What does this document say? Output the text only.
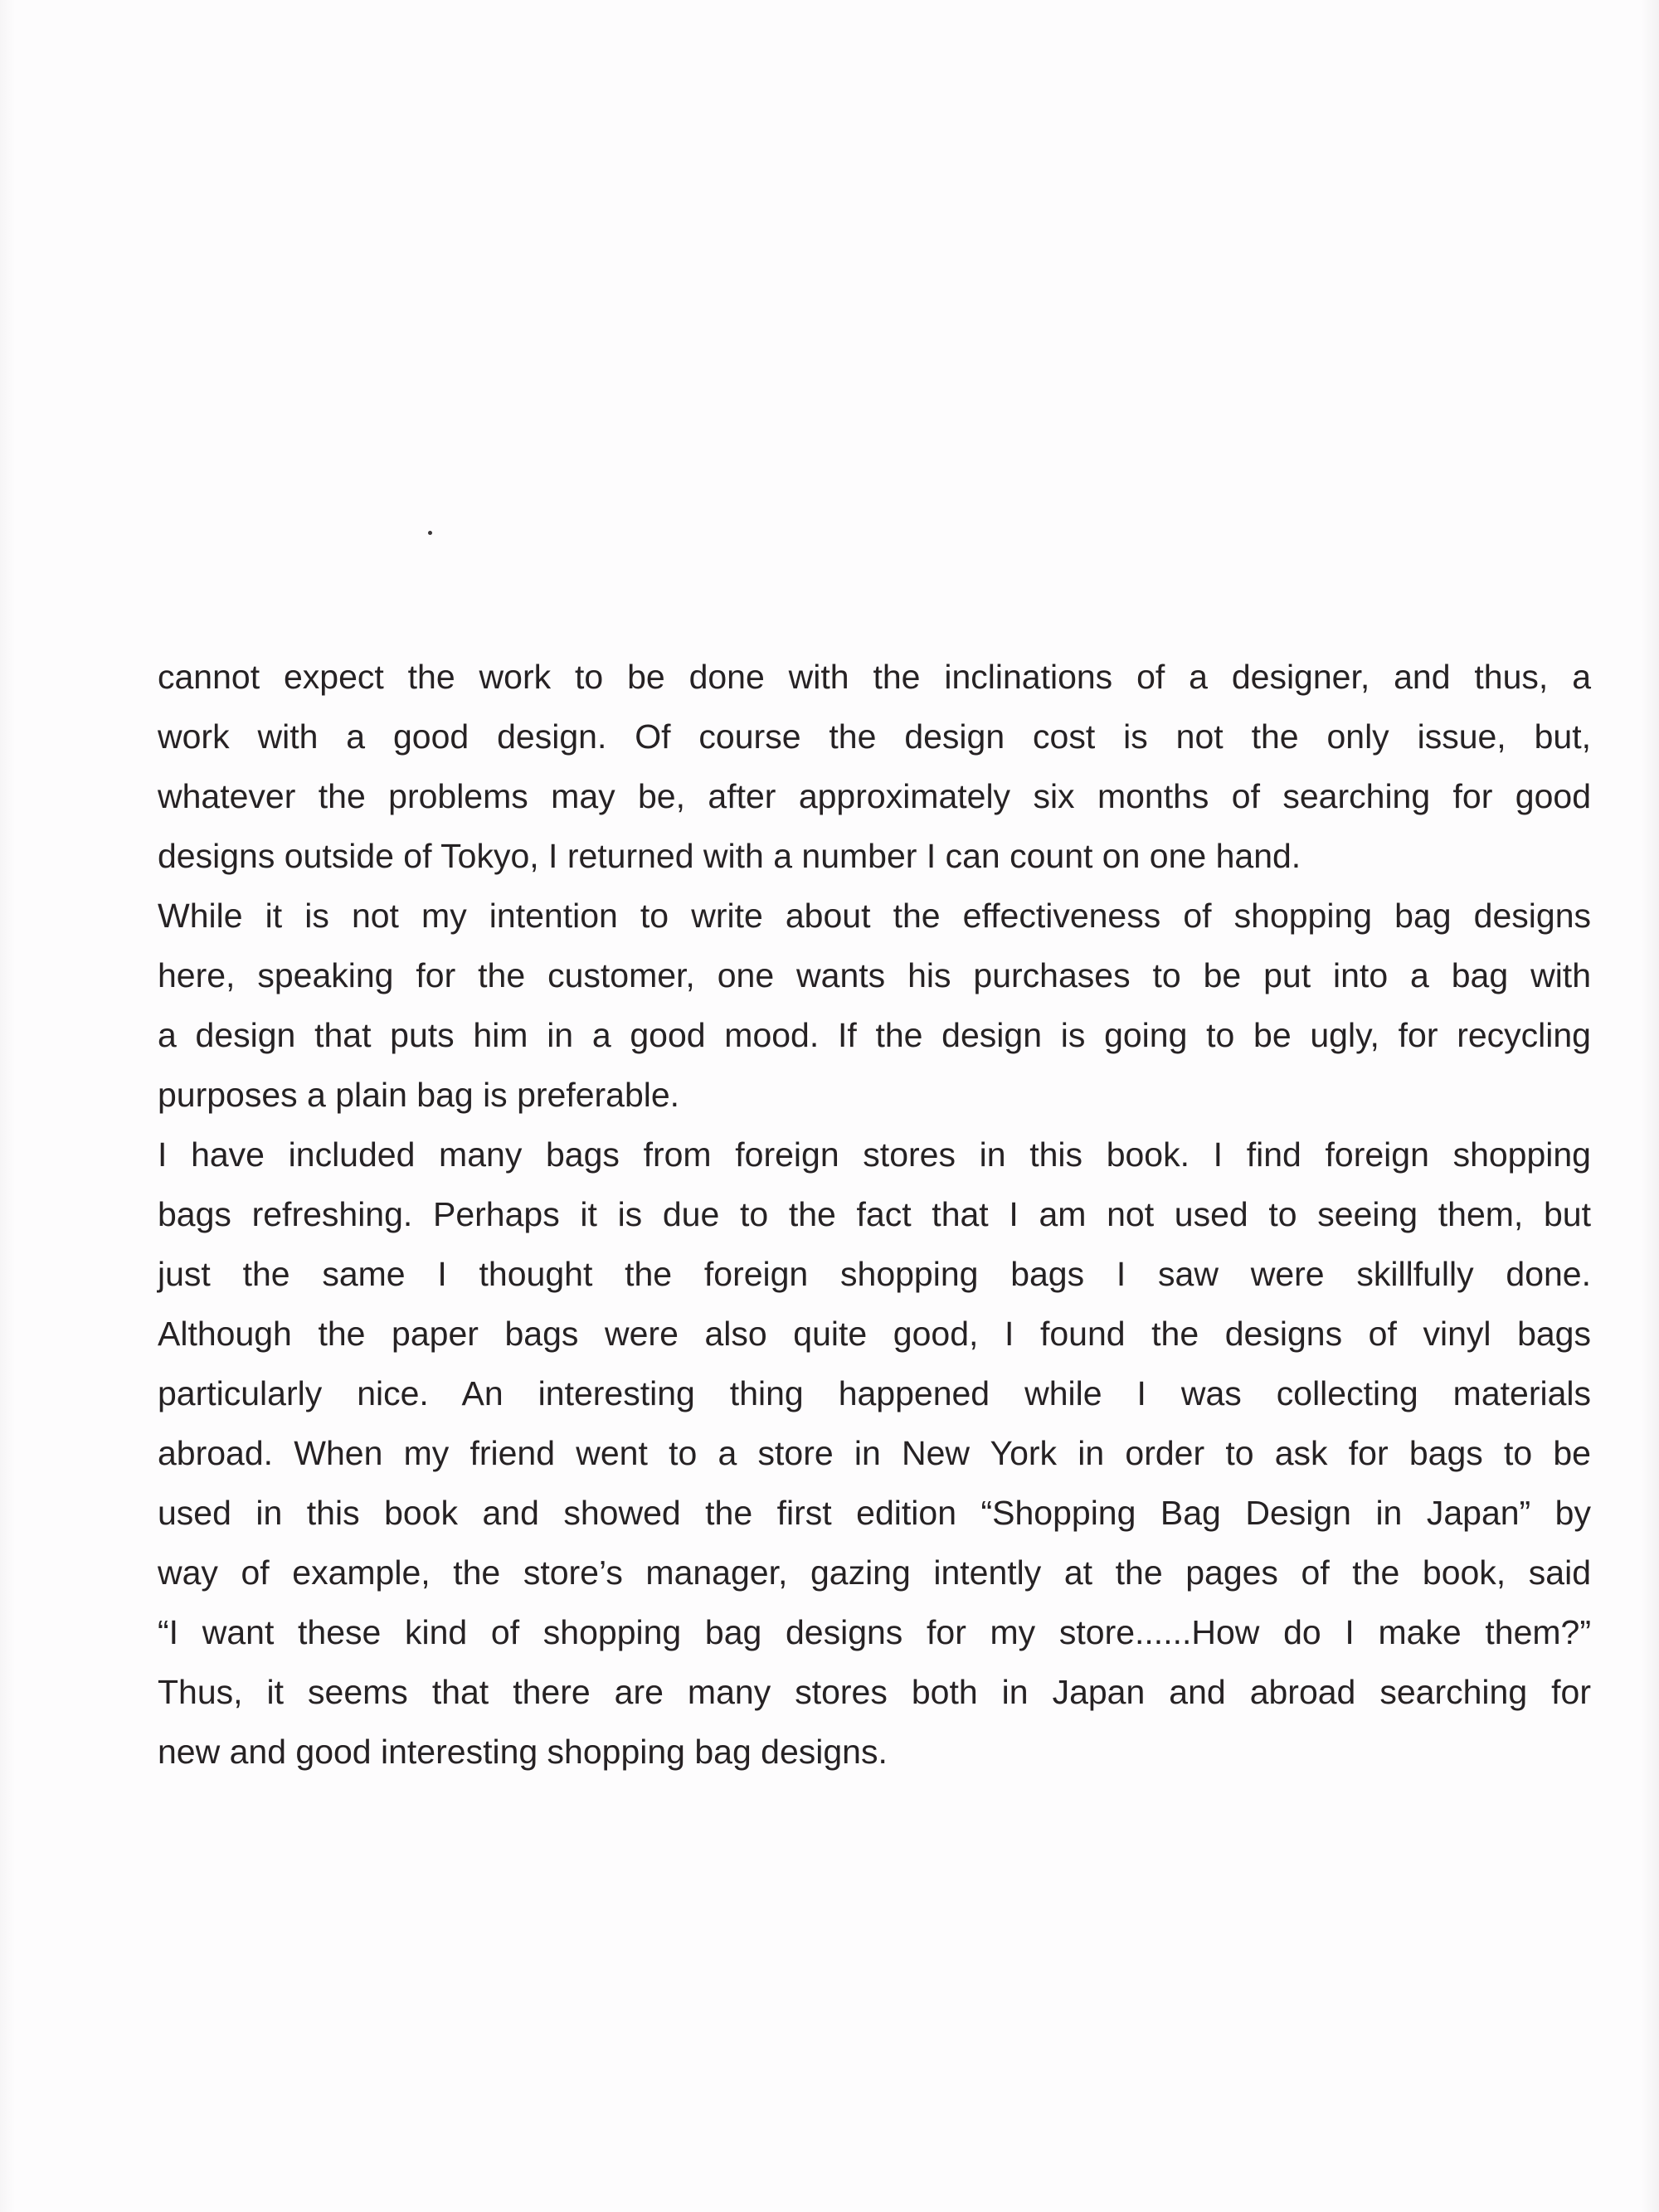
cannot expect the work to be done with the inclinations of a designer, and thus, a
work with a good design. Of course the design cost is not the only issue, but,
whatever the problems may be, after approximately six months of searching for good
designs outside of Tokyo, I returned with a number I can count on one hand.
While it is not my intention to write about the effectiveness of shopping bag designs
here, speaking for the customer, one wants his purchases to be put into a bag with
a design that puts him in a good mood. If the design is going to be ugly, for recycling
purposes a plain bag is preferable.
I have included many bags from foreign stores in this book. I find foreign shopping
bags refreshing. Perhaps it is due to the fact that I am not used to seeing them, but
just the same I thought the foreign shopping bags I saw were skillfully done.
Although the paper bags were also quite good, I found the designs of vinyl bags
particularly nice. An interesting thing happened while I was collecting materials
abroad. When my friend went to a store in New York in order to ask for bags to be
used in this book and showed the first edition “Shopping Bag Design in Japan” by
way of example, the store’s manager, gazing intently at the pages of the book, said
“I want these kind of shopping bag designs for my store......How do I make them?”
Thus, it seems that there are many stores both in Japan and abroad searching for
new and good interesting shopping bag designs.
